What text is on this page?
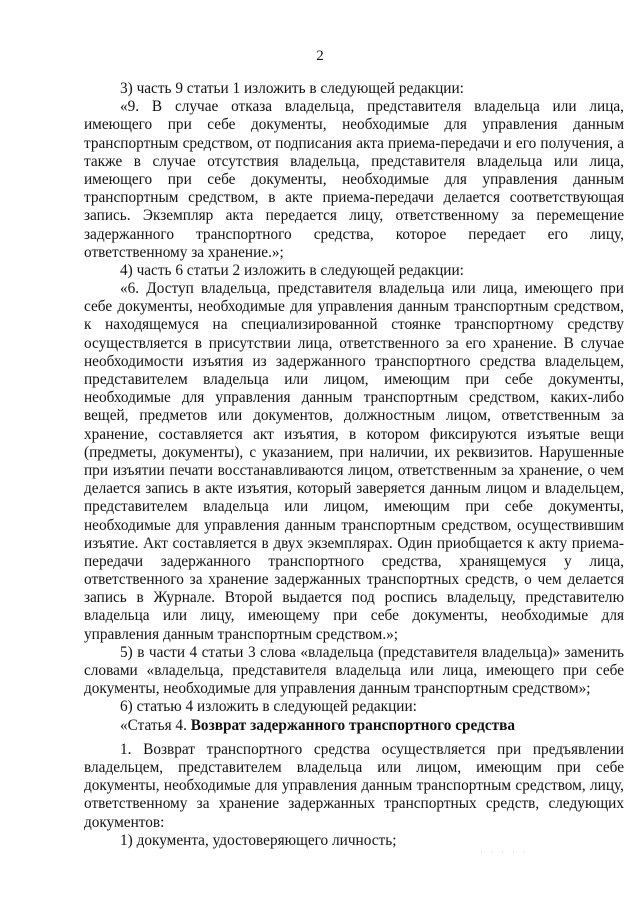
2
3) часть 9 статьи 1 изложить в следующей редакции:
«9. В случае отказа владельца, представителя владельца или лица,
имеющего при себе документы, необходимые для управления данным
транспортным средством, от подписания акта приема-передачи и его получения, а
также в случае отсутствия владельца, представителя владельца или лица,
имеющего при себе документы, необходимые для управления данным
транспортным средством, в акте приема-передачи делается соответствующая
запись. Экземпляр акта передается лицу, ответственному за перемещение
задержанного транспортного средства, которое передает его лицу,
ответственному за хранение.»;
4) часть 6 статьи 2 изложить в следующей редакции:
«6. Доступ владельца, представителя владельца или лица, имеющего при
себе документы, необходимые для управления данным транспортным средством,
к находящемуся на специализированной стоянке транспортному средству
осуществляется в присутствии лица, ответственного за его хранение. В случае
необходимости изъятия из задержанного транспортного средства владельцем,
представителем владельца или лицом, имеющим при себе документы,
необходимые для управления данным транспортным средством, каких-либо
вещей, предметов или документов, должностным лицом, ответственным за
хранение, составляется акт изъятия, в котором фиксируются изъятые вещи
(предметы, документы), с указанием, при наличии, их реквизитов. Нарушенные
при изъятии печати восстанавливаются лицом, ответственным за хранение, о чем
делается запись в акте изъятия, который заверяется данным лицом и владельцем,
представителем владельца или лицом, имеющим при себе документы,
необходимые для управления данным транспортным средством, осуществившим
изъятие. Акт составляется в двух экземплярах. Один приобщается к акту приема-
передачи задержанного транспортного средства, хранящемуся у лица,
ответственного за хранение задержанных транспортных средств, о чем делается
запись в Журнале. Второй выдается под роспись владельцу, представителю
владельца или лицу, имеющему при себе документы, необходимые для
управления данным транспортным средством.»;
5) в части 4 статьи 3 слова «владельца (представителя владельца)» заменить
словами «владельца, представителя владельца или лица, имеющего при себе
документы, необходимые для управления данным транспортным средством»;
6) статью 4 изложить в следующей редакции:
«Статья 4. Возврат задержанного транспортного средства
1. Возврат транспортного средства осуществляется при предъявлении
владельцем, представителем владельца или лицом, имеющим при себе
документы, необходимые для управления данным транспортным средством, лицу,
ответственному за хранение задержанных транспортных средств, следующих
документов:
1) документа, удостоверяющего личность;
· · · · ·
